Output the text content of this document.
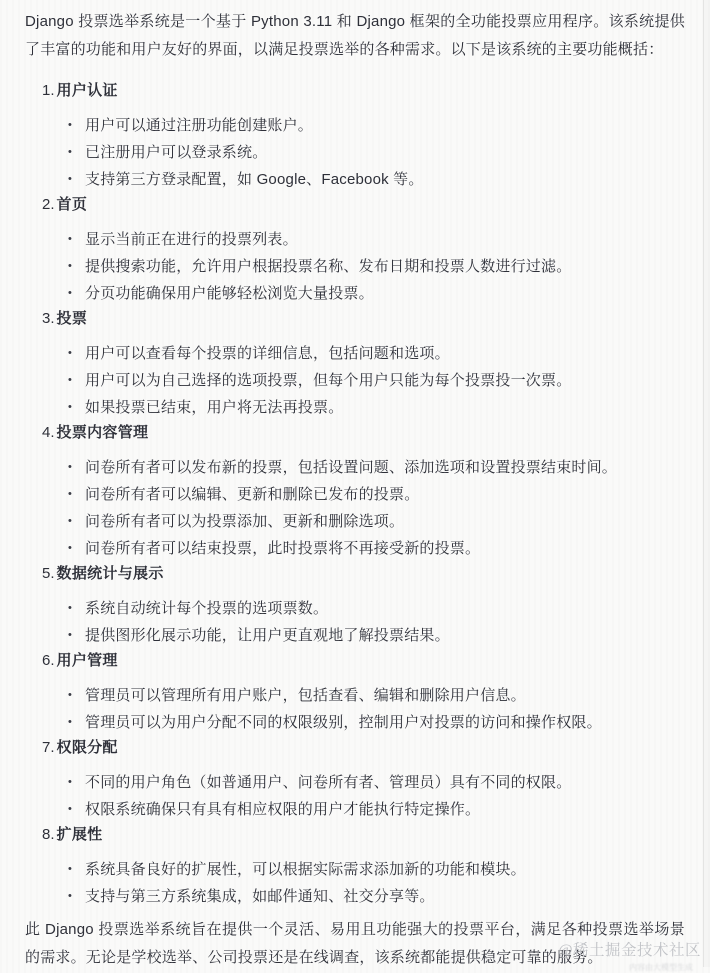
Django 投票选举系统是一个基于 Python 3.11 和 Django 框架的全功能投票应用程序。该系统提供了丰富的功能和用户友好的界面，以满足投票选举的各种需求。以下是该系统的主要功能概括：

1. 用户认证
• 用户可以通过注册功能创建账户。
• 已注册用户可以登录系统。
• 支持第三方登录配置，如 Google、Facebook 等。
2. 首页
• 显示当前正在进行的投票列表。
• 提供搜索功能，允许用户根据投票名称、发布日期和投票人数进行过滤。
• 分页功能确保用户能够轻松浏览大量投票。
3. 投票
• 用户可以查看每个投票的详细信息，包括问题和选项。
• 用户可以为自己选择的选项投票，但每个用户只能为每个投票投一次票。
• 如果投票已结束，用户将无法再投票。
4. 投票内容管理
• 问卷所有者可以发布新的投票，包括设置问题、添加选项和设置投票结束时间。
• 问卷所有者可以编辑、更新和删除已发布的投票。
• 问卷所有者可以为投票添加、更新和删除选项。
• 问卷所有者可以结束投票，此时投票将不再接受新的投票。
5. 数据统计与展示
• 系统自动统计每个投票的选项票数。
• 提供图形化展示功能，让用户更直观地了解投票结果。
6. 用户管理
• 管理员可以管理所有用户账户，包括查看、编辑和删除用户信息。
• 管理员可以为用户分配不同的权限级别，控制用户对投票的访问和操作权限。
7. 权限分配
• 不同的用户角色（如普通用户、问卷所有者、管理员）具有不同的权限。
• 权限系统确保只有具有相应权限的用户才能执行特定操作。
8. 扩展性
• 系统具备良好的扩展性，可以根据实际需求添加新的功能和模块。
• 支持与第三方系统集成，如邮件通知、社交分享等。

此 Django 投票选举系统旨在提供一个灵活、易用且功能强大的投票平台，满足各种投票选举场景的需求。无论是学校选举、公司投票还是在线调查，该系统都能提供稳定可靠的服务。

@稀土掘金技术社区
内容由大模型生成
